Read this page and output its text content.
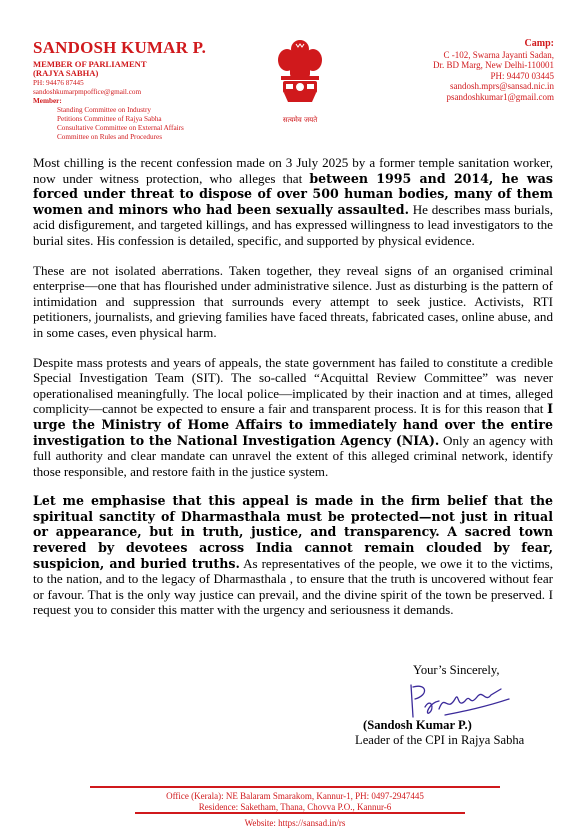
SANDOSH KUMAR P.
MEMBER OF PARLIAMENT
(RAJYA SABHA)
PH: 94476 87445
sandoshkumarpmpoffice@gmail.com
Member:
Standing Committee on Industry
Petitions Committee of Rajya Sabha
Consultative Committee on External Affairs
Committee on Rules and Procedures
सत्यमेव जयते
Camp:
C -102, Swarna Jayanti Sadan,
Dr. BD Marg, New Delhi-110001
PH: 94470 03445
sandosh.mprs@sansad.nic.in
psandoshkumar1@gmail.com

Most chilling is the recent confession made on 3 July 2025 by a former temple sanitation worker, now under witness protection, who alleges that between 1995 and 2014, he was forced under threat to dispose of over 500 human bodies, many of them women and minors who had been sexually assaulted. He describes mass burials, acid disfigurement, and targeted killings, and has expressed willingness to lead investigators to the burial sites. His confession is detailed, specific, and supported by physical evidence.

These are not isolated aberrations. Taken together, they reveal signs of an organised criminal enterprise—one that has flourished under administrative silence. Just as disturbing is the pattern of intimidation and suppression that surrounds every attempt to seek justice. Activists, RTI petitioners, journalists, and grieving families have faced threats, fabricated cases, online abuse, and in some cases, even physical harm.

Despite mass protests and years of appeals, the state government has failed to constitute a credible Special Investigation Team (SIT). The so-called “Acquittal Review Committee” was never operationalised meaningfully. The local police—implicated by their inaction and at times, alleged complicity—cannot be expected to ensure a fair and transparent process. It is for this reason that I urge the Ministry of Home Affairs to immediately hand over the entire investigation to the National Investigation Agency (NIA). Only an agency with full authority and clear mandate can unravel the extent of this alleged criminal network, identify those responsible, and restore faith in the justice system.

Let me emphasise that this appeal is made in the firm belief that the spiritual sanctity of Dharmasthala must be protected—not just in ritual or appearance, but in truth, justice, and transparency. A sacred town revered by devotees across India cannot remain clouded by fear, suspicion, and buried truths. As representatives of the people, we owe it to the victims, to the nation, and to the legacy of Dharmasthala , to ensure that the truth is uncovered without fear or favour. That is the only way justice can prevail, and the divine spirit of the town be preserved. I request you to consider this matter with the urgency and seriousness it demands.

Your’s Sincerely,
(Sandosh Kumar P.)
Leader of the CPI in Rajya Sabha
Office (Kerala): NE Balaram Smarakom, Kannur-1, PH: 0497-2947445
Residence: Saketham, Thana, Chovva P.O., Kannur-6
Website: https://sansad.in/rs
